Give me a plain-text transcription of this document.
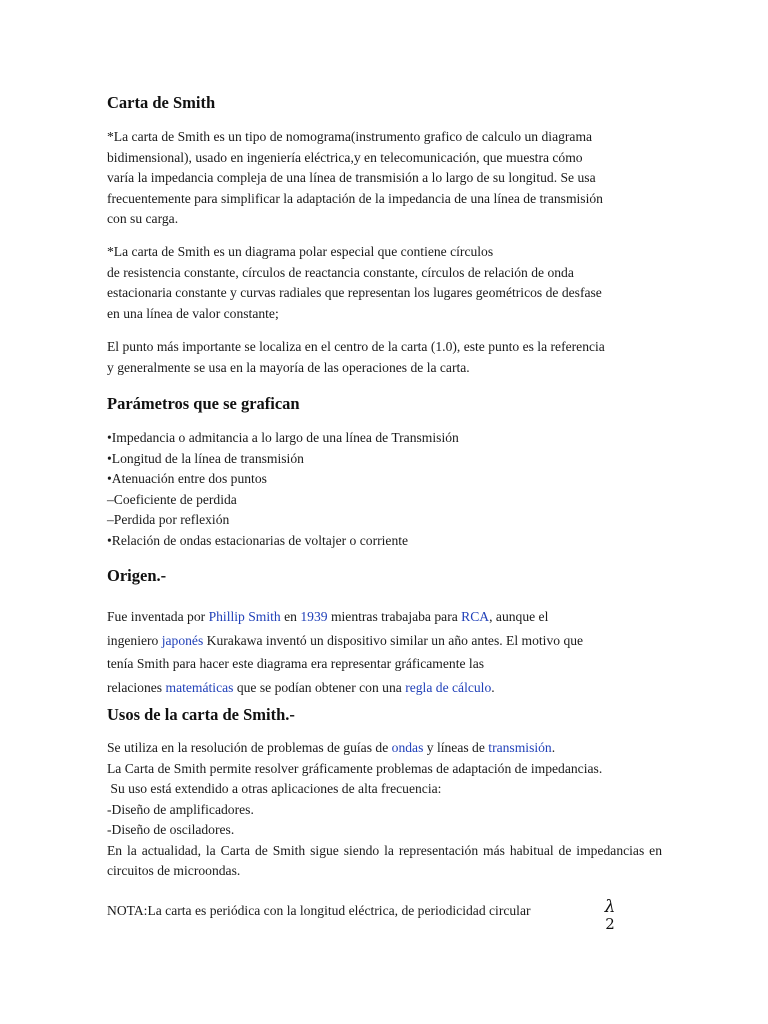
Carta de Smith

*La carta de Smith es un tipo de nomograma(instrumento grafico de calculo un diagrama
bidimensional), usado en ingeniería eléctrica,y en telecomunicación, que muestra cómo
varía la impedancia compleja de una línea de transmisión a lo largo de su longitud. Se usa
frecuentemente para simplificar la adaptación de la impedancia de una línea de transmisión
con su carga.

*La carta de Smith es un diagrama polar especial que contiene círculos
de resistencia constante, círculos de reactancia constante, círculos de relación de onda
estacionaria constante y curvas radiales que representan los lugares geométricos de desfase
en una línea de valor constante;

El punto más importante se localiza en el centro de la carta (1.0), este punto es la referencia
y generalmente se usa en la mayoría de las operaciones de la carta.

Parámetros que se grafican
•Impedancia o admitancia a lo largo de una línea de Transmisión
•Longitud de la línea de transmisión
•Atenuación entre dos puntos
–Coeficiente de perdida
–Perdida por reflexión
•Relación de ondas estacionarias de voltajer o corriente
Origen.-

Fue inventada por Phillip Smith en 1939 mientras trabajaba para RCA, aunque el
ingeniero japonés Kurakawa inventó un dispositivo similar un año antes. El motivo que
tenía Smith para hacer este diagrama era representar gráficamente las
relaciones matemáticas que se podían obtener con una regla de cálculo.

Usos de la carta de Smith.-

Se utiliza en la resolución de problemas de guías de ondas y líneas de transmisión.
La Carta de Smith permite resolver gráficamente problemas de adaptación de impedancias.
Su uso está extendido a otras aplicaciones de alta frecuencia:
-Diseño de amplificadores.
-Diseño de osciladores.
En la actualidad, la Carta de Smith sigue siendo la representación más habitual de impedancias en circuitos de microondas.

NOTA:La carta es periódica con la longitud eléctrica, de periodicidad circular	λ
2
